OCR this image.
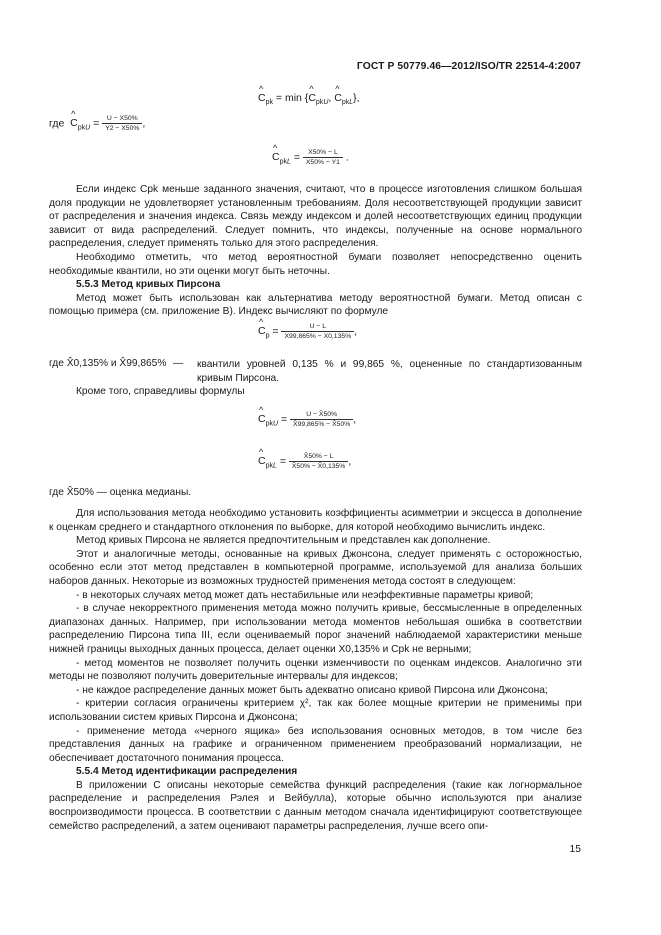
ГОСТ Р 50779.46—2012/ISO/TR 22514-4:2007
^ $C_{pk} = \min$ {^ $C_{pkU}$, ^ $C_{pkL}$},
где  ^ $C_{pkU} = \frac{U - X50\%}{Y2 - X50\%}$ ,
^ $C_{pkL} = \frac{X50\% - L}{X50\% - Y1}$ .

Если индекс Cpk меньше заданного значения, считают, что в процессе изготовления слишком большая доля продукции не удовлетворяет установленным требованиям. Доля несоответствующей продукции зависит от распределения и значения индекса. Связь между индексом и долей несоответствующих единиц продукции зависит от вида распределений. Следует помнить, что индексы, полученные на основе нормального распределения, следует применять только для этого распределения.

Необходимо отметить, что метод вероятностной бумаги позволяет непосредственно оценить необходимые квантили, но эти оценки могут быть неточны.

5.5.3 Метод кривых Пирсона

Метод может быть использован как альтернатива методу вероятностной бумаги. Метод описан с помощью примера (см. приложение В). Индекс вычисляют по формуле

^ $C_p = \frac{U - L}{X99,865\% - X0,135\%}$ ,
где X̂0,135% и X̂99,865% — квантили уровней 0,135 % и 99,865 %, оцененные по стандартизованным кривым Пирсона.

Кроме того, справедливы формулы

^ $C_{pkU} = \frac{U - X̂50\%}{X̂99,865\% - X̂50\%}$ ,
^ $C_{pkL} = \frac{X̂50\% - L}{X̂50\% - X̂0,135\%}$ ,
где X̂50% — оценка медианы.

Для использования метода необходимо установить коэффициенты асимметрии и эксцесса в дополнение к оценкам среднего и стандартного отклонения по выборке, для которой необходимо вычислить индекс.

Метод кривых Пирсона не является предпочтительным и представлен как дополнение.

Этот и аналогичные методы, основанные на кривых Джонсона, следует применять с осторожностью, особенно если этот метод представлен в компьютерной программе, используемой для анализа больших наборов данных. Некоторые из возможных трудностей применения метода состоят в следующем:

- в некоторых случаях метод может дать нестабильные или неэффективные параметры кривой;

- в случае некорректного применения метода можно получить кривые, бессмысленные в определенных диапазонах данных. Например, при использовании метода моментов небольшая ошибка в соответствии распределению Пирсона типа III, если оцениваемый порог значений наблюдаемой характеристики меньше нижней границы выходных данных процесса, делает оценки X0,135% и Cpk не верными;

- метод моментов не позволяет получить оценки изменчивости по оценкам индексов. Аналогично эти методы не позволяют получить доверительные интервалы для индексов;

- не каждое распределение данных может быть адекватно описано кривой Пирсона или Джонсона;

- критерии согласия ограничены критерием χ², так как более мощные критерии не применимы при использовании систем кривых Пирсона и Джонсона;

- применение метода «черного ящика» без использования основных методов, в том числе без представления данных на графике и ограниченном применением преобразований нормализации, не обеспечивает достаточного понимания процесса.

5.5.4 Метод идентификации распределения

В приложении С описаны некоторые семейства функций распределения (такие как логнормальное распределение и распределения Рэлея и Вейбулла), которые обычно используются при анализе воспроизводимости процесса. В соответствии с данным методом сначала идентифицируют соответствующее семейство распределений, а затем оценивают параметры распределения, лучше всего опи-

15
